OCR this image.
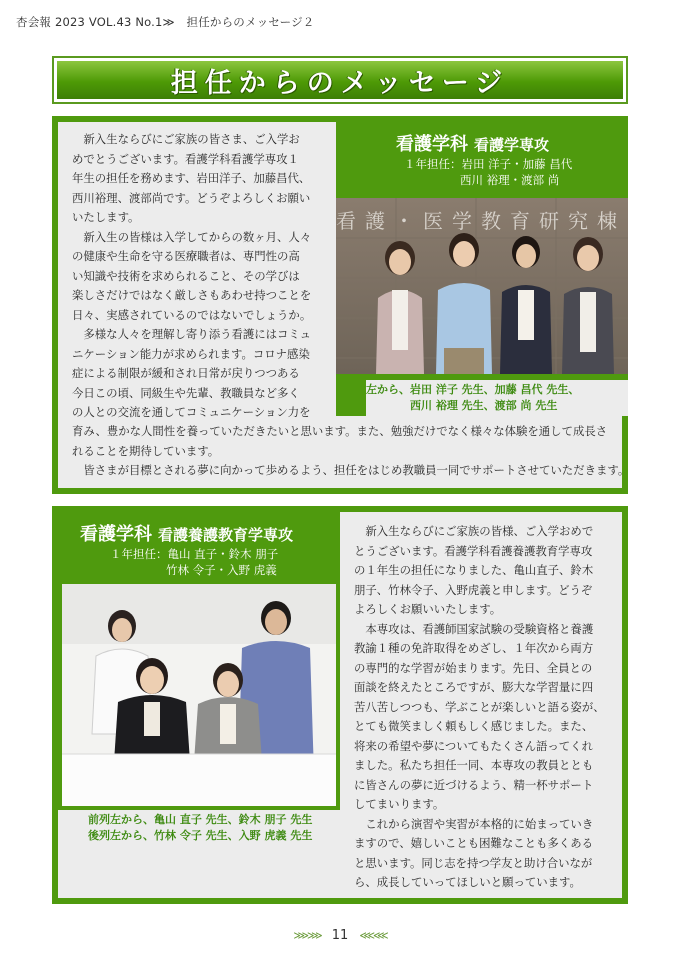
杏会報 2023 VOL.43 No.1≫　担任からのメッセージ２
担任からのメッセージ
　新入生ならびにご家族の皆さま、ご入学お
めでとうございます。看護学科看護学専攻１
年生の担任を務めます、岩田洋子、加藤昌代、
西川裕理、渡部尚です。どうぞよろしくお願い
いたします。
　新入生の皆様は入学してからの数ヶ月、人々
の健康や生命を守る医療職者は、専門性の高
い知識や技術を求められること、その学びは
楽しさだけではなく厳しさもあわせ持つことを
日々、実感されているのではないでしょうか。
　多様な人々を理解し寄り添う看護にはコミュ
ニケーション能力が求められます。コロナ感染
症による制限が緩和され日常が戻りつつある
今日この頃、同級生や先輩、教職員など多く
の人との交流を通してコミュニケーション力を
看護学科 看護学専攻
１年担任：岩田 洋子・加藤 昌代
西川 裕理・渡部 尚
看護・医学教育研究棟
左から、岩田 洋子 先生、加藤 昌代 先生、
西川 裕理 先生、渡部 尚 先生
育み、豊かな人間性を養っていただきたいと思います。また、勉強だけでなく様々な体験を通して成長さ
れることを期待しています。
　皆さまが目標とされる夢に向かって歩めるよう、担任をはじめ教職員一同でサポートさせていただきます。
看護学科 看護養護教育学専攻
１年担任：亀山 直子・鈴木 朋子
竹林 令子・入野 虎義
前列左から、亀山 直子 先生、鈴木 朋子 先生
後列左から、竹林 令子 先生、入野 虎義 先生
　新入生ならびにご家族の皆様、ご入学おめで
とうございます。看護学科看護養護教育学専攻
の１年生の担任になりました、亀山直子、鈴木
朋子、竹林令子、入野虎義と申します。どうぞ
よろしくお願いいたします。
　本専攻は、看護師国家試験の受験資格と養護
教諭１種の免許取得をめざし、１年次から両方
の専門的な学習が始まります。先日、全員との
面談を終えたところですが、膨大な学習量に四
苦八苦しつつも、学ぶことが楽しいと語る姿が、
とても微笑ましく頼もしく感じました。また、
将来の希望や夢についてもたくさん語ってくれ
ました。私たち担任一同、本専攻の教員ととも
に皆さんの夢に近づけるよう、精一杯サポート
してまいります。
　これから演習や実習が本格的に始まっていき
ますので、嬉しいことも困難なことも多くある
と思います。同じ志を持つ学友と助け合いなが
ら、成長していってほしいと願っています。
⋙⋙ 11 ⋘⋘
